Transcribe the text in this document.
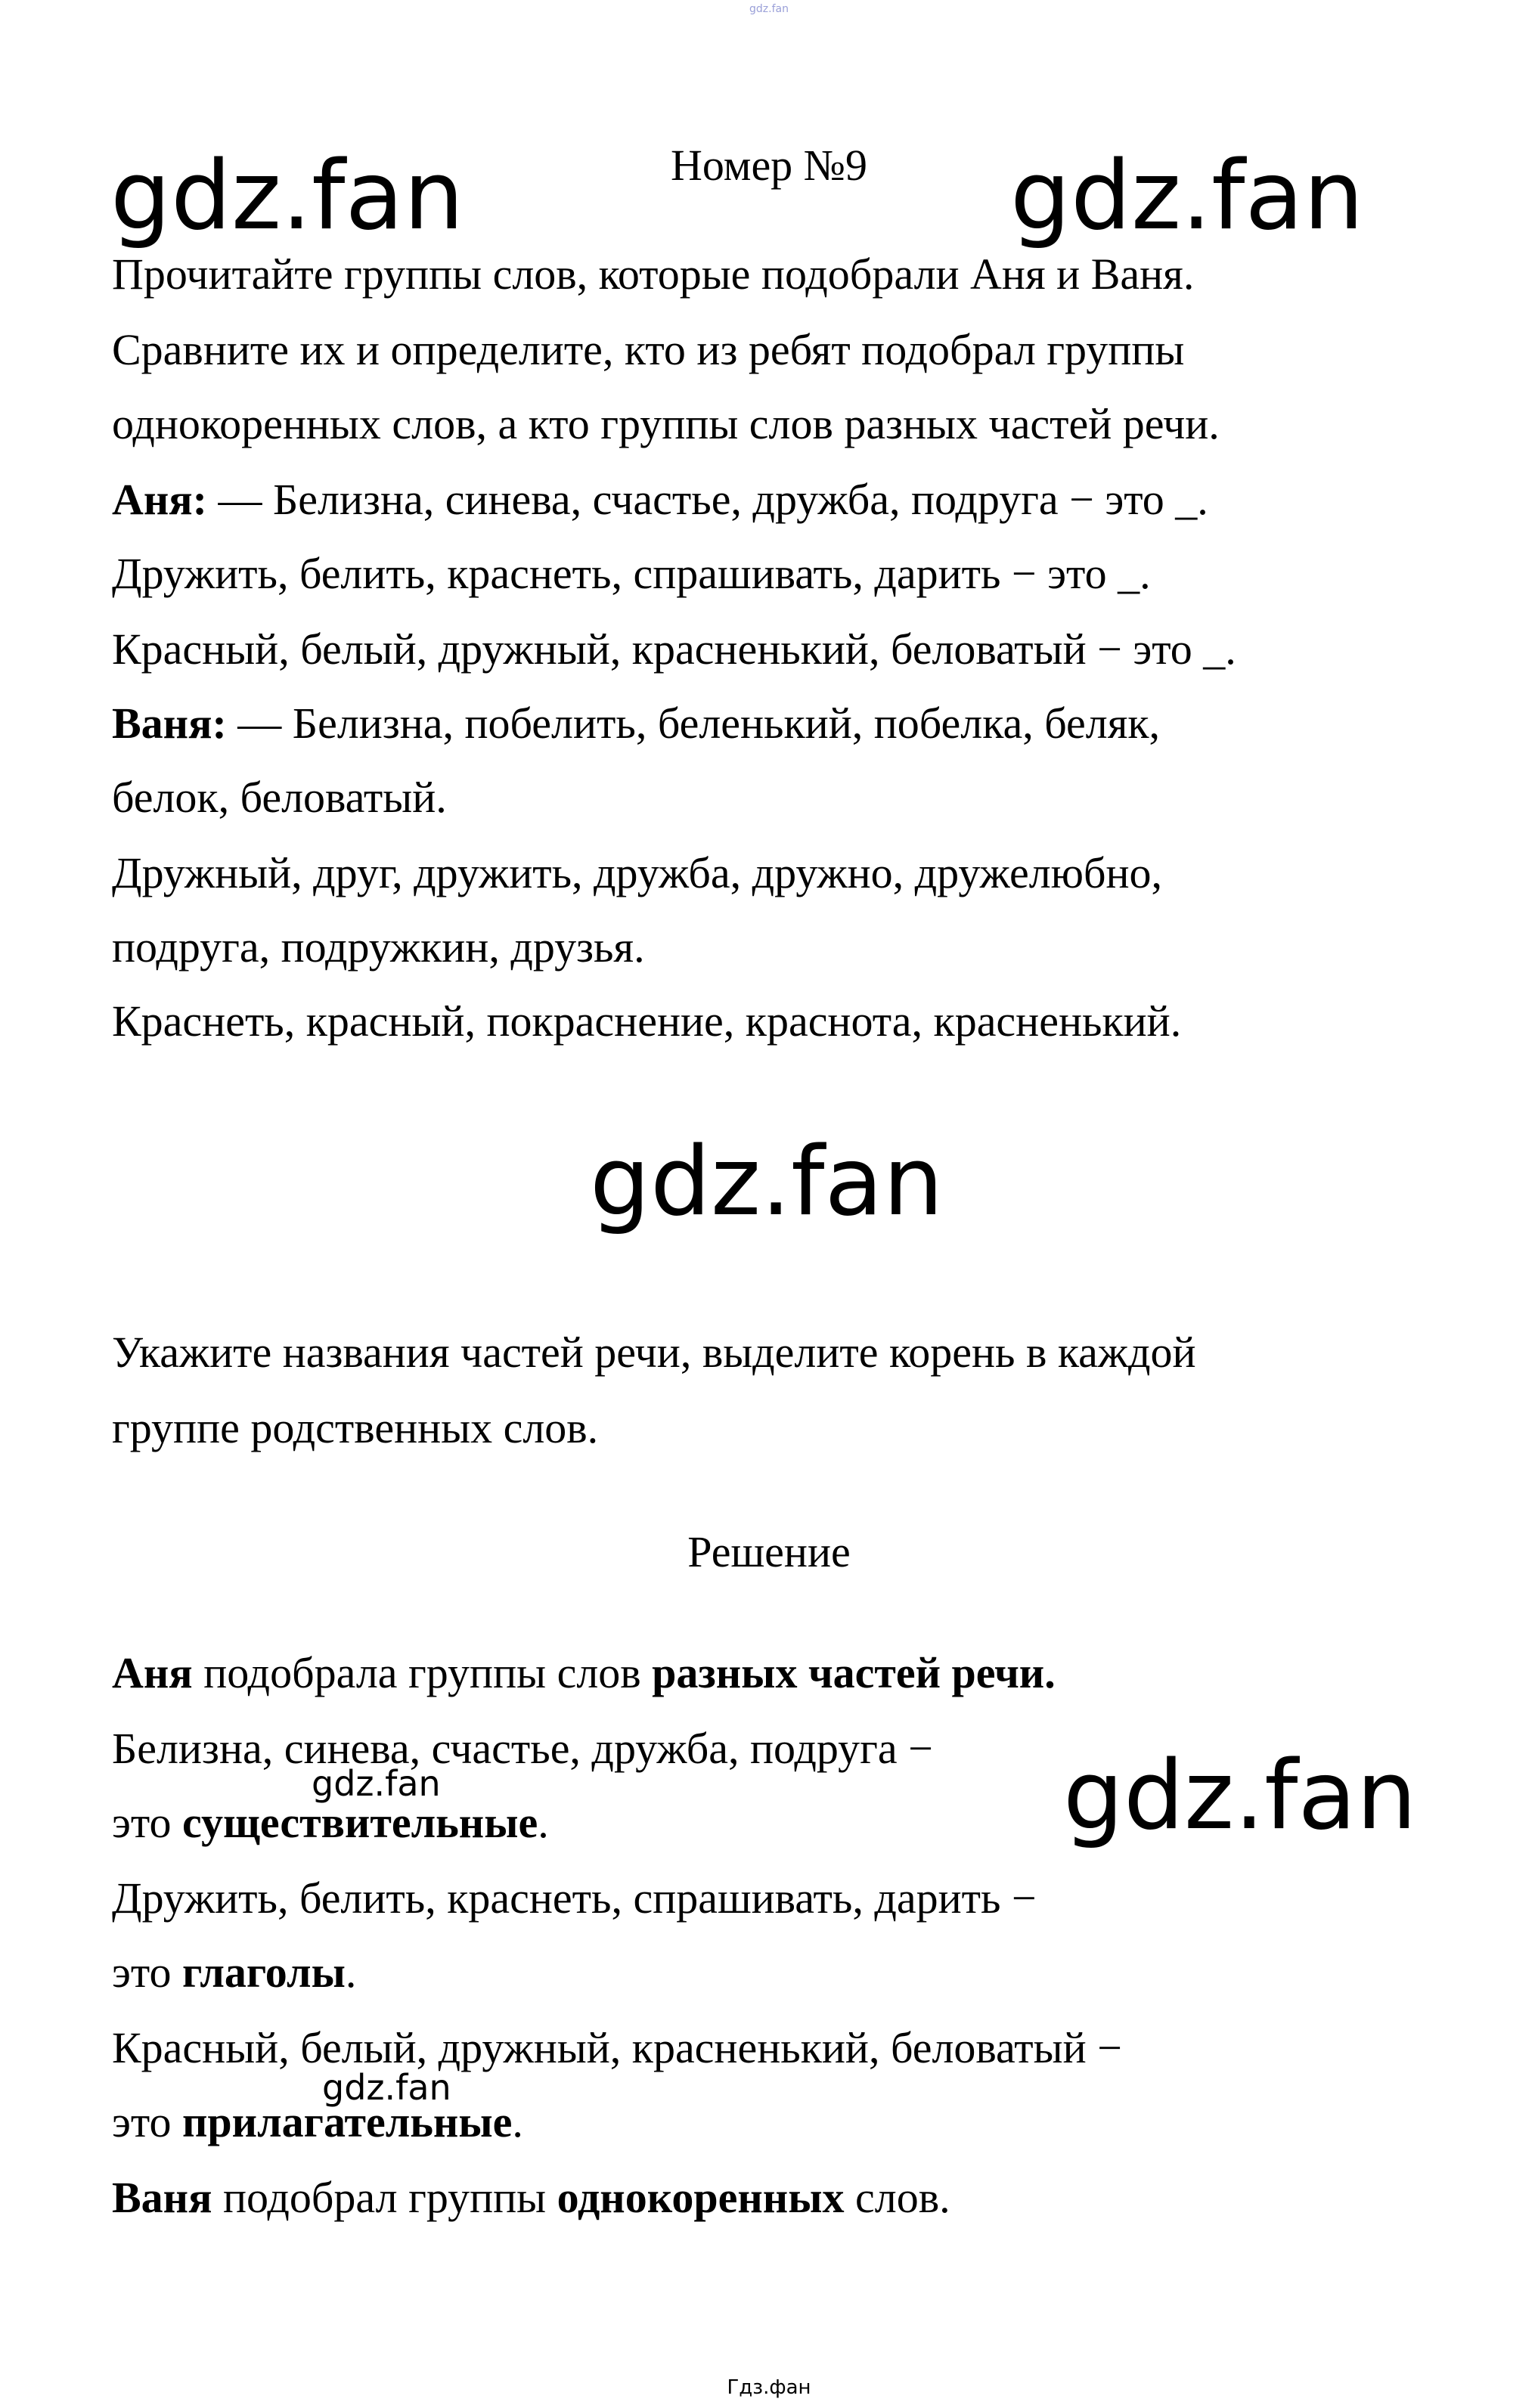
gdz.fan
Номер №9
gdz.fan	gdz.fan
gdz.fan
gdz.fan
gdz.fan
gdz.fan
Прочитайте группы слов, которые подобрали Аня и Ваня.
Сравните их и определите, кто из ребят подобрал группы
однокоренных слов, а кто группы слов разных частей речи.
Аня: — Белизна, синева, счастье, дружба, подруга − это _.
Дружить, белить, краснеть, спрашивать, дарить − это _.
Красный, белый, дружный, красненький, беловатый − это _.
Ваня: — Белизна, побелить, беленький, побелка, беляк,
белок, беловатый.
Дружный, друг, дружить, дружба, дружно, дружелюбно,
подруга, подружкин, друзья.
Краснеть, красный, покраснение, краснота, красненький.
Укажите названия частей речи, выделите корень в каждой
группе родственных слов.
Решение
Аня подобрала группы слов разных частей речи.
Белизна, синева, счастье, дружба, подруга −
это существительные.
Дружить, белить, краснеть, спрашивать, дарить −
это глаголы.
Красный, белый, дружный, красненький, беловатый −
это прилагательные.
Ваня подобрал группы однокоренных слов.
Гдз.фан
